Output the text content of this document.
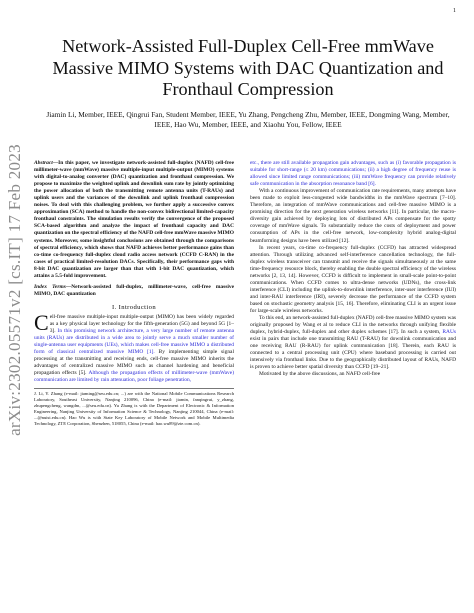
1
arXiv:2302.05571v2 [cs.IT] 17 Feb 2023
Network-Assisted Full-Duplex Cell-Free mmWave Massive MIMO Systems with DAC Quantization and Fronthaul Compression
Jiamin Li, Member, IEEE, Qingrui Fan, Student Member, IEEE, Yu Zhang, Pengcheng Zhu, Member, IEEE, Dongming Wang, Member, IEEE, Hao Wu, Member, IEEE, and Xiaohu You, Fellow, IEEE

Abstract—In this paper, we investigate network-assisted full-duplex (NAFD) cell-free millimeter-wave (mmWave) massive multiple-input multiple-output (MIMO) systems with digital-to-analog converter (DAC) quantization and fronthaul compression. We propose to maximize the weighted uplink and downlink sum rate by jointly optimizing the power allocation of both the transmitting remote antenna units (T-RAUs) and uplink users and the variances of the downlink and uplink fronthaul compression noises. To deal with this challenging problem, we further apply a successive convex approximation (SCA) method to handle the non-convex bidirectional limited-capacity fronthaul constraints. The simulation results verify the convergence of the proposed SCA-based algorithm and analyze the impact of fronthaul capacity and DAC quantization on the spectral efficiency of the NAFD cell-free mmWave massive MIMO systems. Moreover, some insightful conclusions are obtained through the comparisons of spectral efficiency, which shows that NAFD achieves better performance gains than co-time co-frequency full-duplex cloud radio access network (CCFD C-RAN) in the cases of practical limited-resolution DACs. Specifically, their performance gaps with 8-bit DAC quantization are larger than that with 1-bit DAC quantization, which attains a 5.5-fold improvement.

Index Terms—Network-assisted full-duplex, millimeter-wave, cell-free massive MIMO, DAC quantization

I. Introduction

Cell-free massive multiple-input multiple-output (MIMO) has been widely regarded as a key physical layer technology for the fifth-generation (5G) and beyond 5G [1–3]. In this promising network architecture, a very large number of remote antenna units (RAUs) are distributed in a wide area to jointly serve a much smaller number of single-antenna user equipments (UEs), which makes cell-free massive MIMO a distributed form of classical centralized massive MIMO [1]. By implementing simple signal processing at the transmitting and receiving ends, cell-free massive MIMO inherits the advantages of centralized massive MIMO such as channel hardening and beneficial propagation effects [5]. Although the propagation effects of millimeter-wave (mmWave) communication are limited by rain attenuation, poor foliage penetration,

J. Li, Y. Zhang (e-mail: jiaming@seu.edu.cn; ...) are with the National Mobile Communications Research Laboratory, Southeast University, Nanjing 210096, China (e-mail: jiamin, fanqingrui, y_zhang, zhupengcheng, wangdm, ...@seu.edu.cn). Yu Zhang is with the Department of Electronic & Information Engineering, Nanjing University of Information Science & Technology, Nanjing 210044, China (e-mail: ...@nuist.edu.cn). Hao Wu is with State Key Laboratory of Mobile Network and Mobile Multimedia Technology, ZTE Corporation, Shenzhen, 518055, China (e-mail: hao.wu89@zte.com.cn).

etc., there are still available propagation gain advantages, such as (i) favorable propagation is suitable for short-range (≤ 20 km) communications; (ii) a high degree of frequency reuse is allowed since limited range communications; (iii) mmWave frequency can provide relatively safe communication in the absorption resonance band [6].

With a continuous improvement of communication rate requirements, many attempts have been made to exploit less-congested wide bandwidths in the mmWave spectrum [7–10]. Therefore, an integration of mmWave communications and cell-free massive MIMO is a promising direction for the next generation wireless networks [11]. In particular, the macro-diversity gain achieved by deploying lots of distributed APs compensate for the spotty coverage of mmWave signals. To substantially reduce the costs of deployment and power consumption of APs in the cell-free network, low-complexity hybrid analog-digital beamforming designs have been utilized [12].

In recent years, co-time co-frequency full-duplex (CCFD) has attracted widespread attention. Through utilizing advanced self-interference cancellation technology, the full-duplex wireless transceiver can transmit and receive the signals simultaneously at the same time-frequency resource block, thereby enabling the double spectral efficiency of the wireless networks [2, 13, 14]. However, CCFD is difficult to implement in small-scale point-to-point communications. When CCFD comes to ultra-dense networks (UDNs), the cross-link interference (CLI) including the uplink-to-downlink interference, inter-user interference (IUI) and inter-RAU interference (IRI), severely decrease the performance of the CCFD system based on stochastic geometry analysis [15, 16]. Therefore, eliminating CLI is an urgent issue for large-scale wireless networks.

To this end, an network-assisted full-duplex (NAFD) cell-free massive MIMO system was originally proposed by Wang et al to reduce CLI in the networks through unifying flexible duplex, hybrid-duplex, full-duplex and other duplex schemes [17]. In such a system, RAUs exist in pairs that include one transmitting RAU (T-RAU) for downlink communication and one receiving RAU (R-RAU) for uplink communication [18]. Therein, each RAU is connected to a central processing unit (CPU) where baseband processing is carried out intensively via fronthaul links. Due to the geographically distributed layout of RAUs, NAFD is proven to achieve better spatial diversity than CCFD [19–21].

Motivated by the above discussions, an NAFD cell-free
